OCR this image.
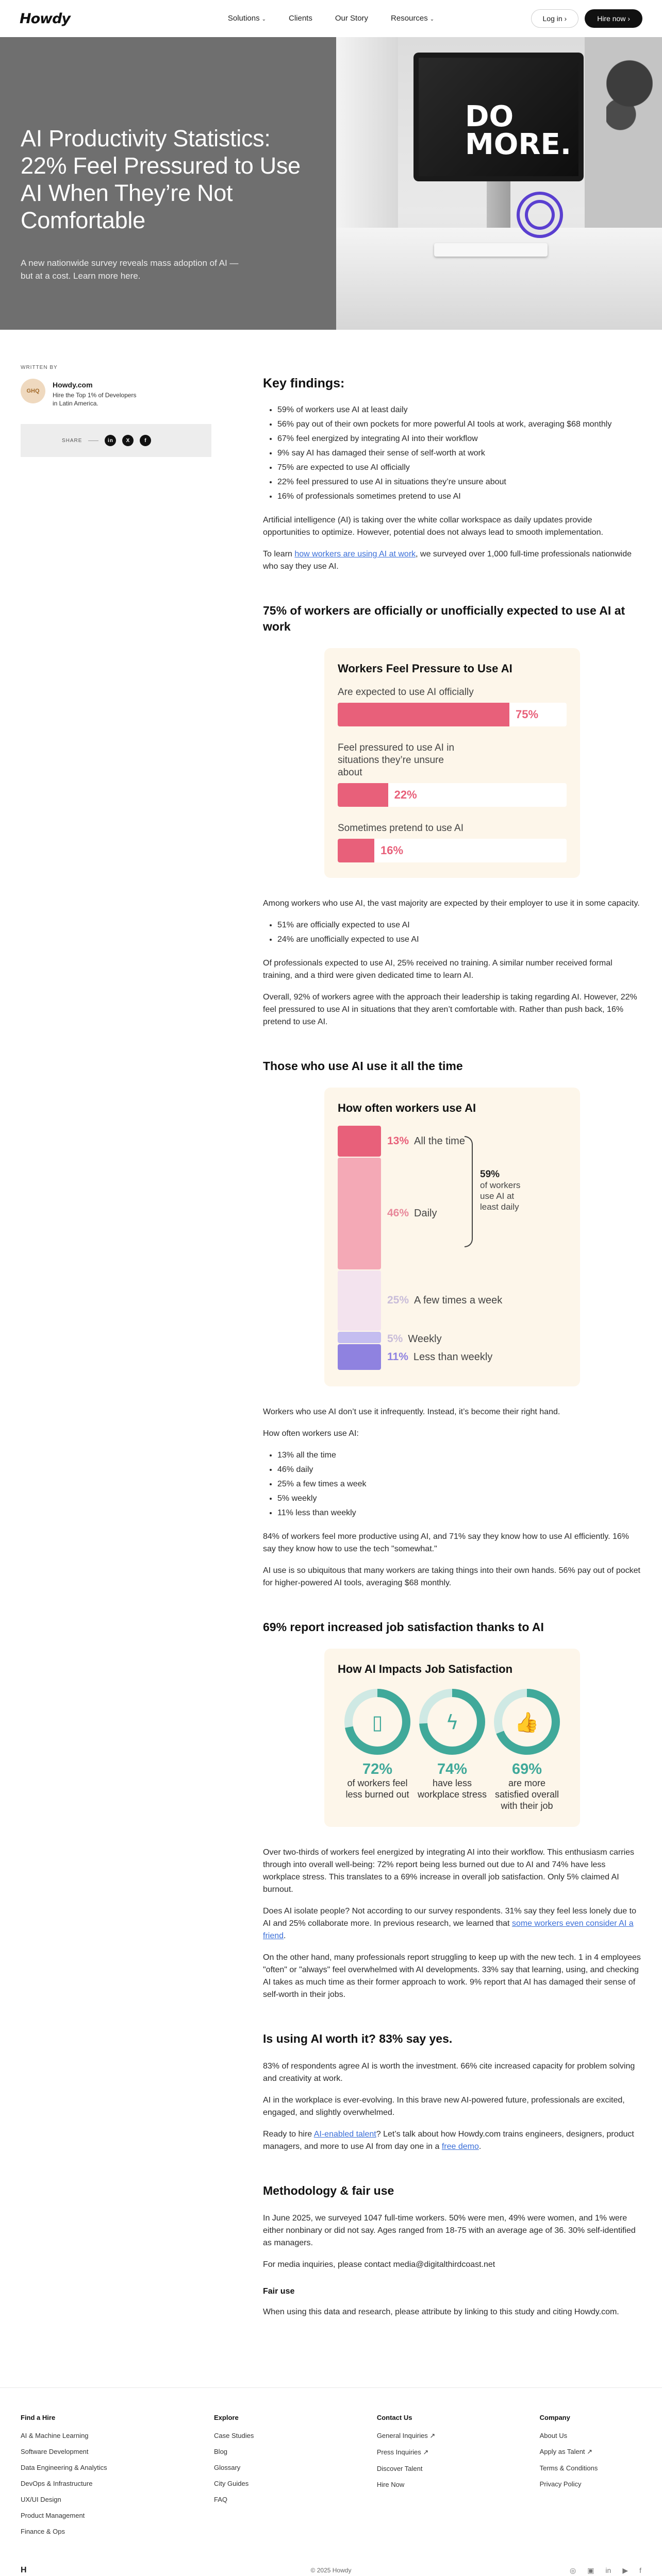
Howdy	Solutions ⌄	Clients	Our Story	Resources ⌄	Log in ›	Hire now ›
AI Productivity Statistics: 22% Feel Pressured to Use AI When They’re Not Comfortable

A new nationwide survey reveals mass adoption of AI — but at a cost. Learn more here.

DO
MORE.
WRITTEN BY
GHQ
Howdy.com
Hire the Top 1% of Developers in Latin America.
SHARE	in	X	f
Key findings:
• 59% of workers use AI at least daily
• 56% pay out of their own pockets for more powerful AI tools at work, averaging $68 monthly
• 67% feel energized by integrating AI into their workflow
• 9% say AI has damaged their sense of self-worth at work
• 75% are expected to use AI officially
• 22% feel pressured to use AI in situations they’re unsure about
• 16% of professionals sometimes pretend to use AI

Artificial intelligence (AI) is taking over the white collar workspace as daily updates provide opportunities to optimize. However, potential does not always lead to smooth implementation.

To learn how workers are using AI at work, we surveyed over 1,000 full-time professionals nationwide who say they use AI.

75% of workers are officially or unofficially expected to use AI at work
Workers Feel Pressure to Use AI
Are expected to use AI officially
75%
Feel pressured to use AI in situations they’re unsure about
22%
Sometimes pretend to use AI
16%

Among workers who use AI, the vast majority are expected by their employer to use it in some capacity.

• 51% are officially expected to use AI
• 24% are unofficially expected to use AI

Of professionals expected to use AI, 25% received no training. A similar number received formal training, and a third were given dedicated time to learn AI.

Overall, 92% of workers agree with the approach their leadership is taking regarding AI. However, 22% feel pressured to use AI in situations that they aren’t comfortable with. Rather than push back, 16% pretend to use AI.

Those who use AI use it all the time
How often workers use AI
13% All the time
46% Daily
25% A few times a week
5% Weekly
11% Less than weekly
59%
of workers use AI at least daily

Workers who use AI don’t use it infrequently. Instead, it’s become their right hand.

How often workers use AI:

• 13% all the time
• 46% daily
• 25% a few times a week
• 5% weekly
• 11% less than weekly

84% of workers feel more productive using AI, and 71% say they know how to use AI efficiently. 16% say they know how to use the tech "somewhat."

AI use is so ubiquitous that many workers are taking things into their own hands. 56% pay out of pocket for higher-powered AI tools, averaging $68 monthly.

69% report increased job satisfaction thanks to AI
How AI Impacts Job Satisfaction
▯
72%
of workers feel less burned out
ϟ
74%
have less workplace stress
👍
69%
are more satisfied overall with their job

Over two-thirds of workers feel energized by integrating AI into their workflow. This enthusiasm carries through into overall well-being: 72% report being less burned out due to AI and 74% have less workplace stress. This translates to a 69% increase in overall job satisfaction. Only 5% claimed AI burnout.

Does AI isolate people? Not according to our survey respondents. 31% say they feel less lonely due to AI and 25% collaborate more. In previous research, we learned that some workers even consider AI a friend.

On the other hand, many professionals report struggling to keep up with the new tech. 1 in 4 employees "often" or "always" feel overwhelmed with AI developments. 33% say that learning, using, and checking AI takes as much time as their former approach to work. 9% report that AI has damaged their sense of self-worth in their jobs.

Is using AI worth it? 83% say yes.

83% of respondents agree AI is worth the investment. 66% cite increased capacity for problem solving and creativity at work.

AI in the workplace is ever-evolving. In this brave new AI-powered future, professionals are excited, engaged, and slightly overwhelmed.

Ready to hire AI-enabled talent? Let’s talk about how Howdy.com trains engineers, designers, product managers, and more to use AI from day one in a free demo.

Methodology & fair use

In June 2025, we surveyed 1047 full-time workers. 50% were men, 49% were women, and 1% were either nonbinary or did not say. Ages ranged from 18-75 with an average age of 36. 30% self-identified as managers.

For media inquiries, please contact media@digitalthirdcoast.net

Fair use

When using this data and research, please attribute by linking to this study and citing Howdy.com.

Find a Hire
AI & Machine Learning
Software Development
Data Engineering & Analytics
DevOps & Infrastructure
UX/UI Design
Product Management
Finance & Ops
Explore
Case Studies
Blog
Glossary
City Guides
FAQ
Contact Us
General Inquiries ↗
Press Inquiries ↗
Discover Talent
Hire Now
Company
About Us
Apply as Talent ↗
Terms & Conditions
Privacy Policy
H	© 2025 Howdy	◎ ▣ in ▶ f
